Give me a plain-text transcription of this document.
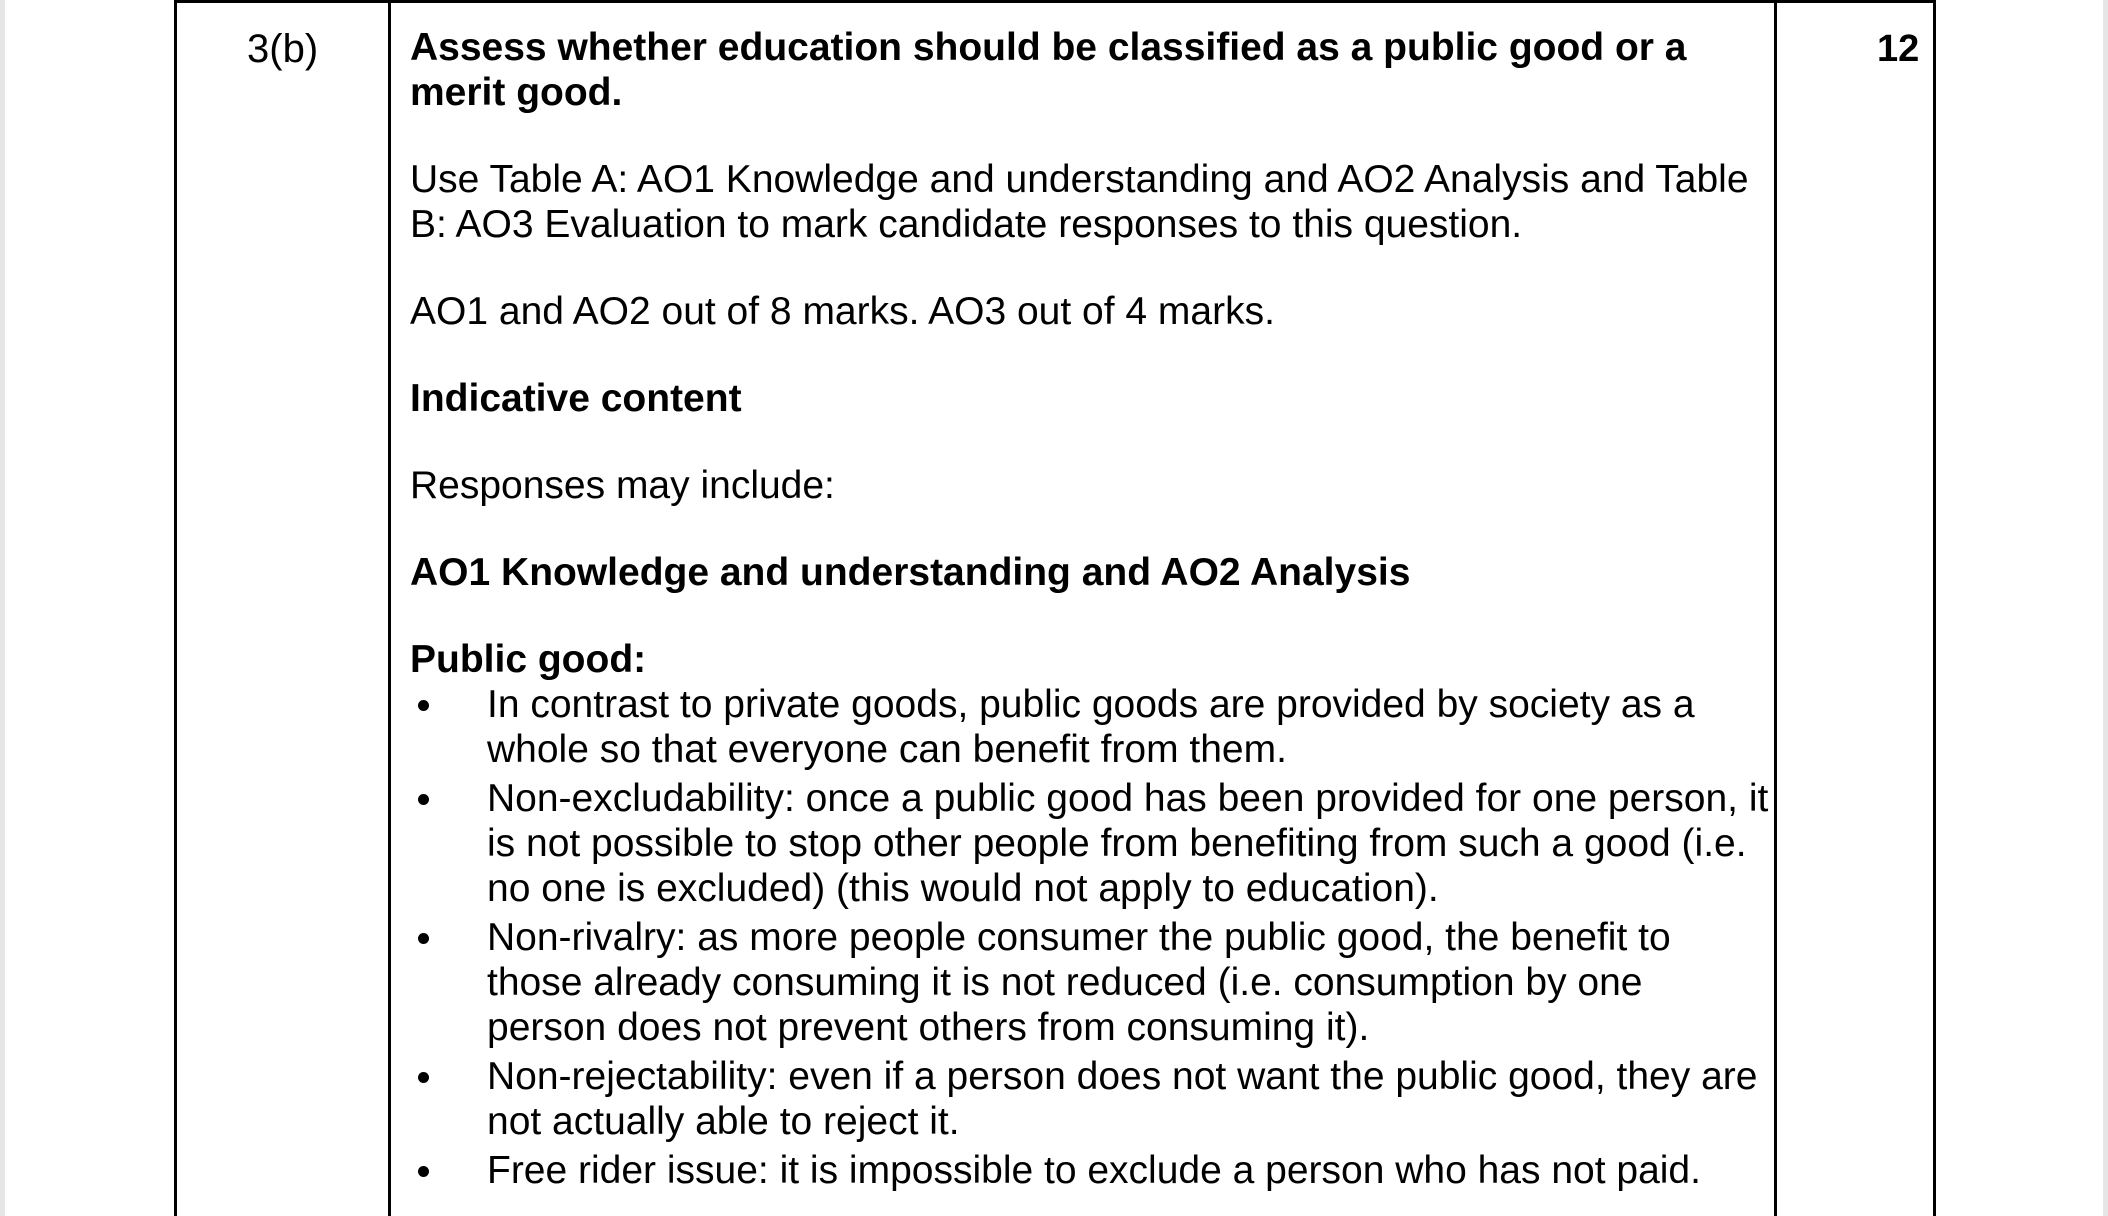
3(b) Assess whether education should be classified as a public good or a merit good.

Use Table A: AO1 Knowledge and understanding and AO2 Analysis and Table B: AO3 Evaluation to mark candidate responses to this question.

AO1 and AO2 out of 8 marks. AO3 out of 4 marks.

Indicative content

Responses may include:

AO1 Knowledge and understanding and AO2 Analysis

Public good:

In contrast to private goods, public goods are provided by society as a whole so that everyone can benefit from them.
Non-excludability: once a public good has been provided for one person, it is not possible to stop other people from benefiting from such a good (i.e. no one is excluded) (this would not apply to education).
Non-rivalry: as more people consumer the public good, the benefit to those already consuming it is not reduced (i.e. consumption by one person does not prevent others from consuming it).
Non-rejectability: even if a person does not want the public good, they are not actually able to reject it.
Free rider issue: it is impossible to exclude a person who has not paid.
12
